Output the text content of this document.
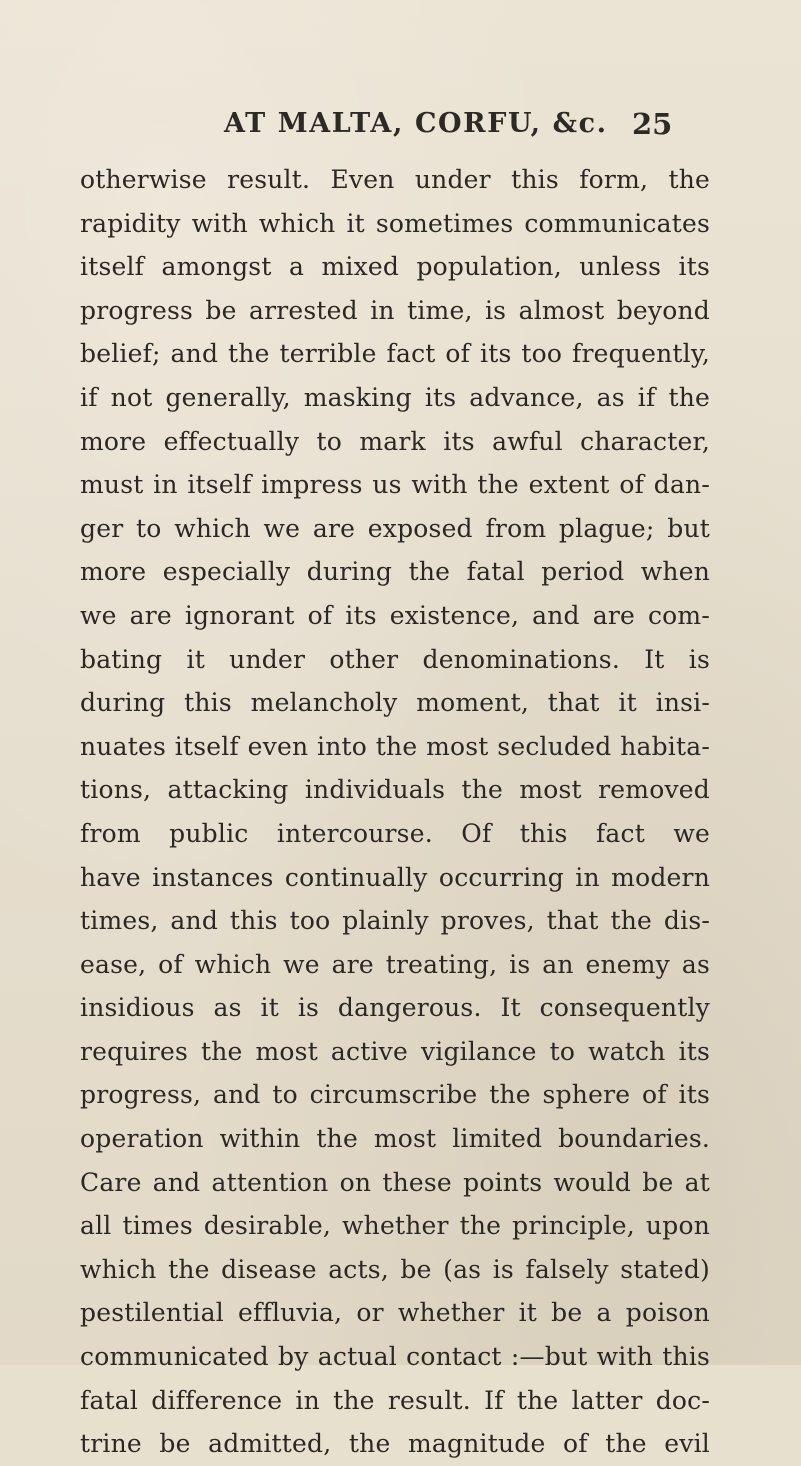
AT MALTA, CORFU, &c. 25
otherwise result. Even under this form, the
rapidity with which it sometimes communicates
itself amongst a mixed population, unless its
progress be arrested in time, is almost beyond
belief; and the terrible fact of its too frequently,
if not generally, masking its advance, as if the
more effectually to mark its awful character,
must in itself impress us with the extent of dan-
ger to which we are exposed from plague; but
more especially during the fatal period when
we are ignorant of its existence, and are com-
bating it under other denominations. It is
during this melancholy moment, that it insi-
nuates itself even into the most secluded habita-
tions, attacking individuals the most removed
from public intercourse. Of this fact we
have instances continually occurring in modern
times, and this too plainly proves, that the dis-
ease, of which we are treating, is an enemy as
insidious as it is dangerous. It consequently
requires the most active vigilance to watch its
progress, and to circumscribe the sphere of its
operation within the most limited boundaries.
Care and attention on these points would be at
all times desirable, whether the principle, upon
which the disease acts, be (as is falsely stated)
pestilential effluvia, or whether it be a poison
communicated by actual contact :—but with this
fatal difference in the result. If the latter doc-
trine be admitted, the magnitude of the evil
